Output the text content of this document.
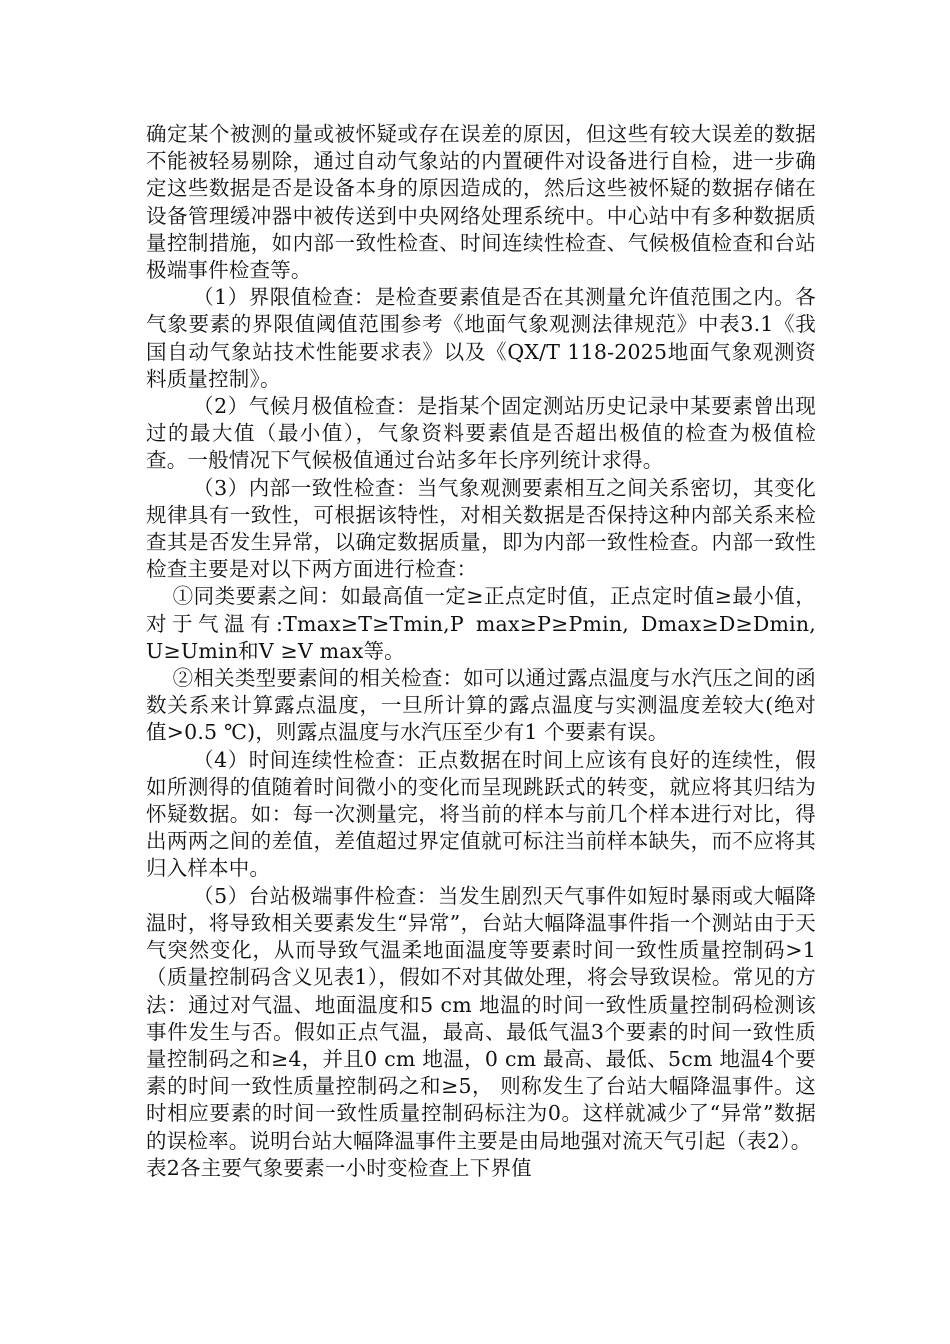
确定某个被测的量或被怀疑或存在误差的原因，但这些有较大误差的数据不能被轻易剔除，通过自动气象站的内置硬件对设备进行自检，进一步确定这些数据是否是设备本身的原因造成的，然后这些被怀疑的数据存储在设备管理缓冲器中被传送到中央网络处理系统中。中心站中有多种数据质量控制措施，如内部一致性检查、时间连续性检查、气候极值检查和台站极端事件检查等。

（1）界限值检查：是检查要素值是否在其测量允许值范围之内。各气象要素的界限值阈值范围参考《地面气象观测法律规范》中表3.1《我国自动气象站技术性能要求表》以及《QX/T 118-2025地面气象观测资料质量控制》。

（2）气候月极值检查：是指某个固定测站历史记录中某要素曾出现过的最大值（最小值），气象资料要素值是否超出极值的检查为极值检查。一般情况下气候极值通过台站多年长序列统计求得。

（3）内部一致性检查：当气象观测要素相互之间关系密切，其变化规律具有一致性，可根据该特性，对相关数据是否保持这种内部关系来检查其是否发生异常，以确定数据质量，即为内部一致性检查。内部一致性检查主要是对以下两方面进行检查：

①同类要素之间：如最高值一定≥正点定时值，正点定时值≥最小值，对于气温有:Tmax≥T≥Tmin,P max≥P≥Pmin, Dmax≥D≥Dmin, U≥Umin和V ≥V max等。

②相关类型要素间的相关检查：如可以通过露点温度与水汽压之间的函数关系来计算露点温度，一旦所计算的露点温度与实测温度差较大(绝对值>0.5 ℃)，则露点温度与水汽压至少有1 个要素有误。

（4）时间连续性检查：正点数据在时间上应该有良好的连续性，假如所测得的值随着时间微小的变化而呈现跳跃式的转变，就应将其归结为怀疑数据。如：每一次测量完，将当前的样本与前几个样本进行对比，得出两两之间的差值，差值超过界定值就可标注当前样本缺失，而不应将其归入样本中。

（5）台站极端事件检查：当发生剧烈天气事件如短时暴雨或大幅降温时，将导致相关要素发生“异常”，台站大幅降温事件指一个测站由于天气突然变化，从而导致气温柔地面温度等要素时间一致性质量控制码>1（质量控制码含义见表1），假如不对其做处理，将会导致误检。常见的方法：通过对气温、地面温度和5 cm 地温的时间一致性质量控制码检测该事件发生与否。假如正点气温，最高、最低气温3个要素的时间一致性质量控制码之和≥4，并且0 cm 地温，0 cm 最高、最低、5cm 地温4个要素的时间一致性质量控制码之和≥5， 则称发生了台站大幅降温事件。这时相应要素的时间一致性质量控制码标注为0。这样就减少了“异常”数据的误检率。说明台站大幅降温事件主要是由局地强对流天气引起（表2）。

表2各主要气象要素一小时变检查上下界值
